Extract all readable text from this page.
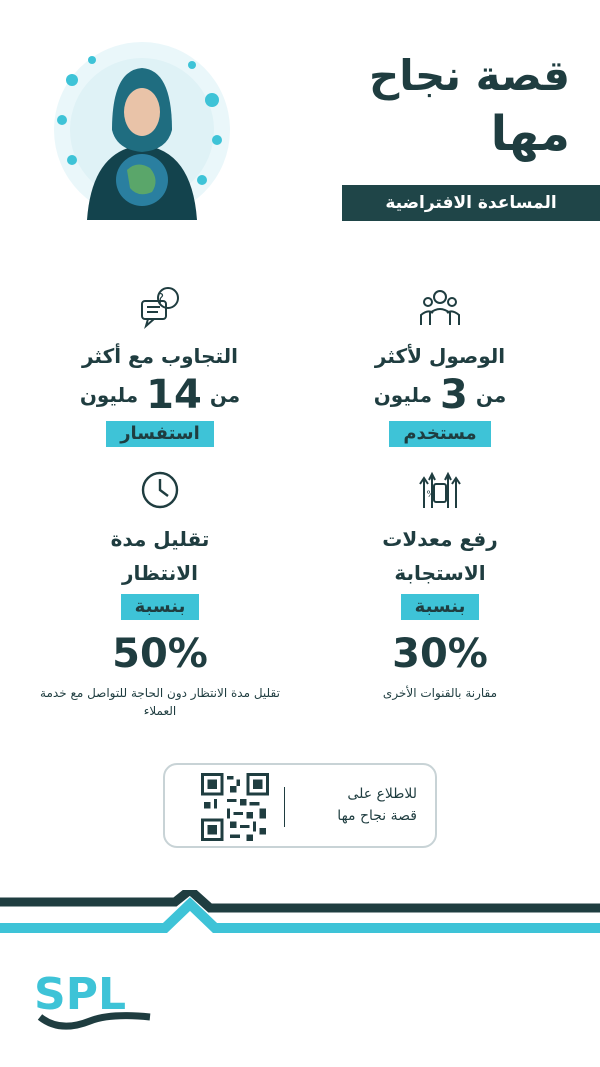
قصة نجاح
مها
المساعدة الافتراضية
الوصول لأكثر
من
3
مليون
مستخدم
?
التجاوب مع أكثر
من
14
مليون
استفسار
%
رفع معدلات
الاستجابة
بنسبة
30%
مقارنة بالقنوات الأخرى
تقليل مدة
الانتظار
بنسبة
50%
تقليل مدة الانتظار دون الحاجة للتواصل مع خدمة العملاء
للاطلاع على
قصة نجاح مها
SPL
